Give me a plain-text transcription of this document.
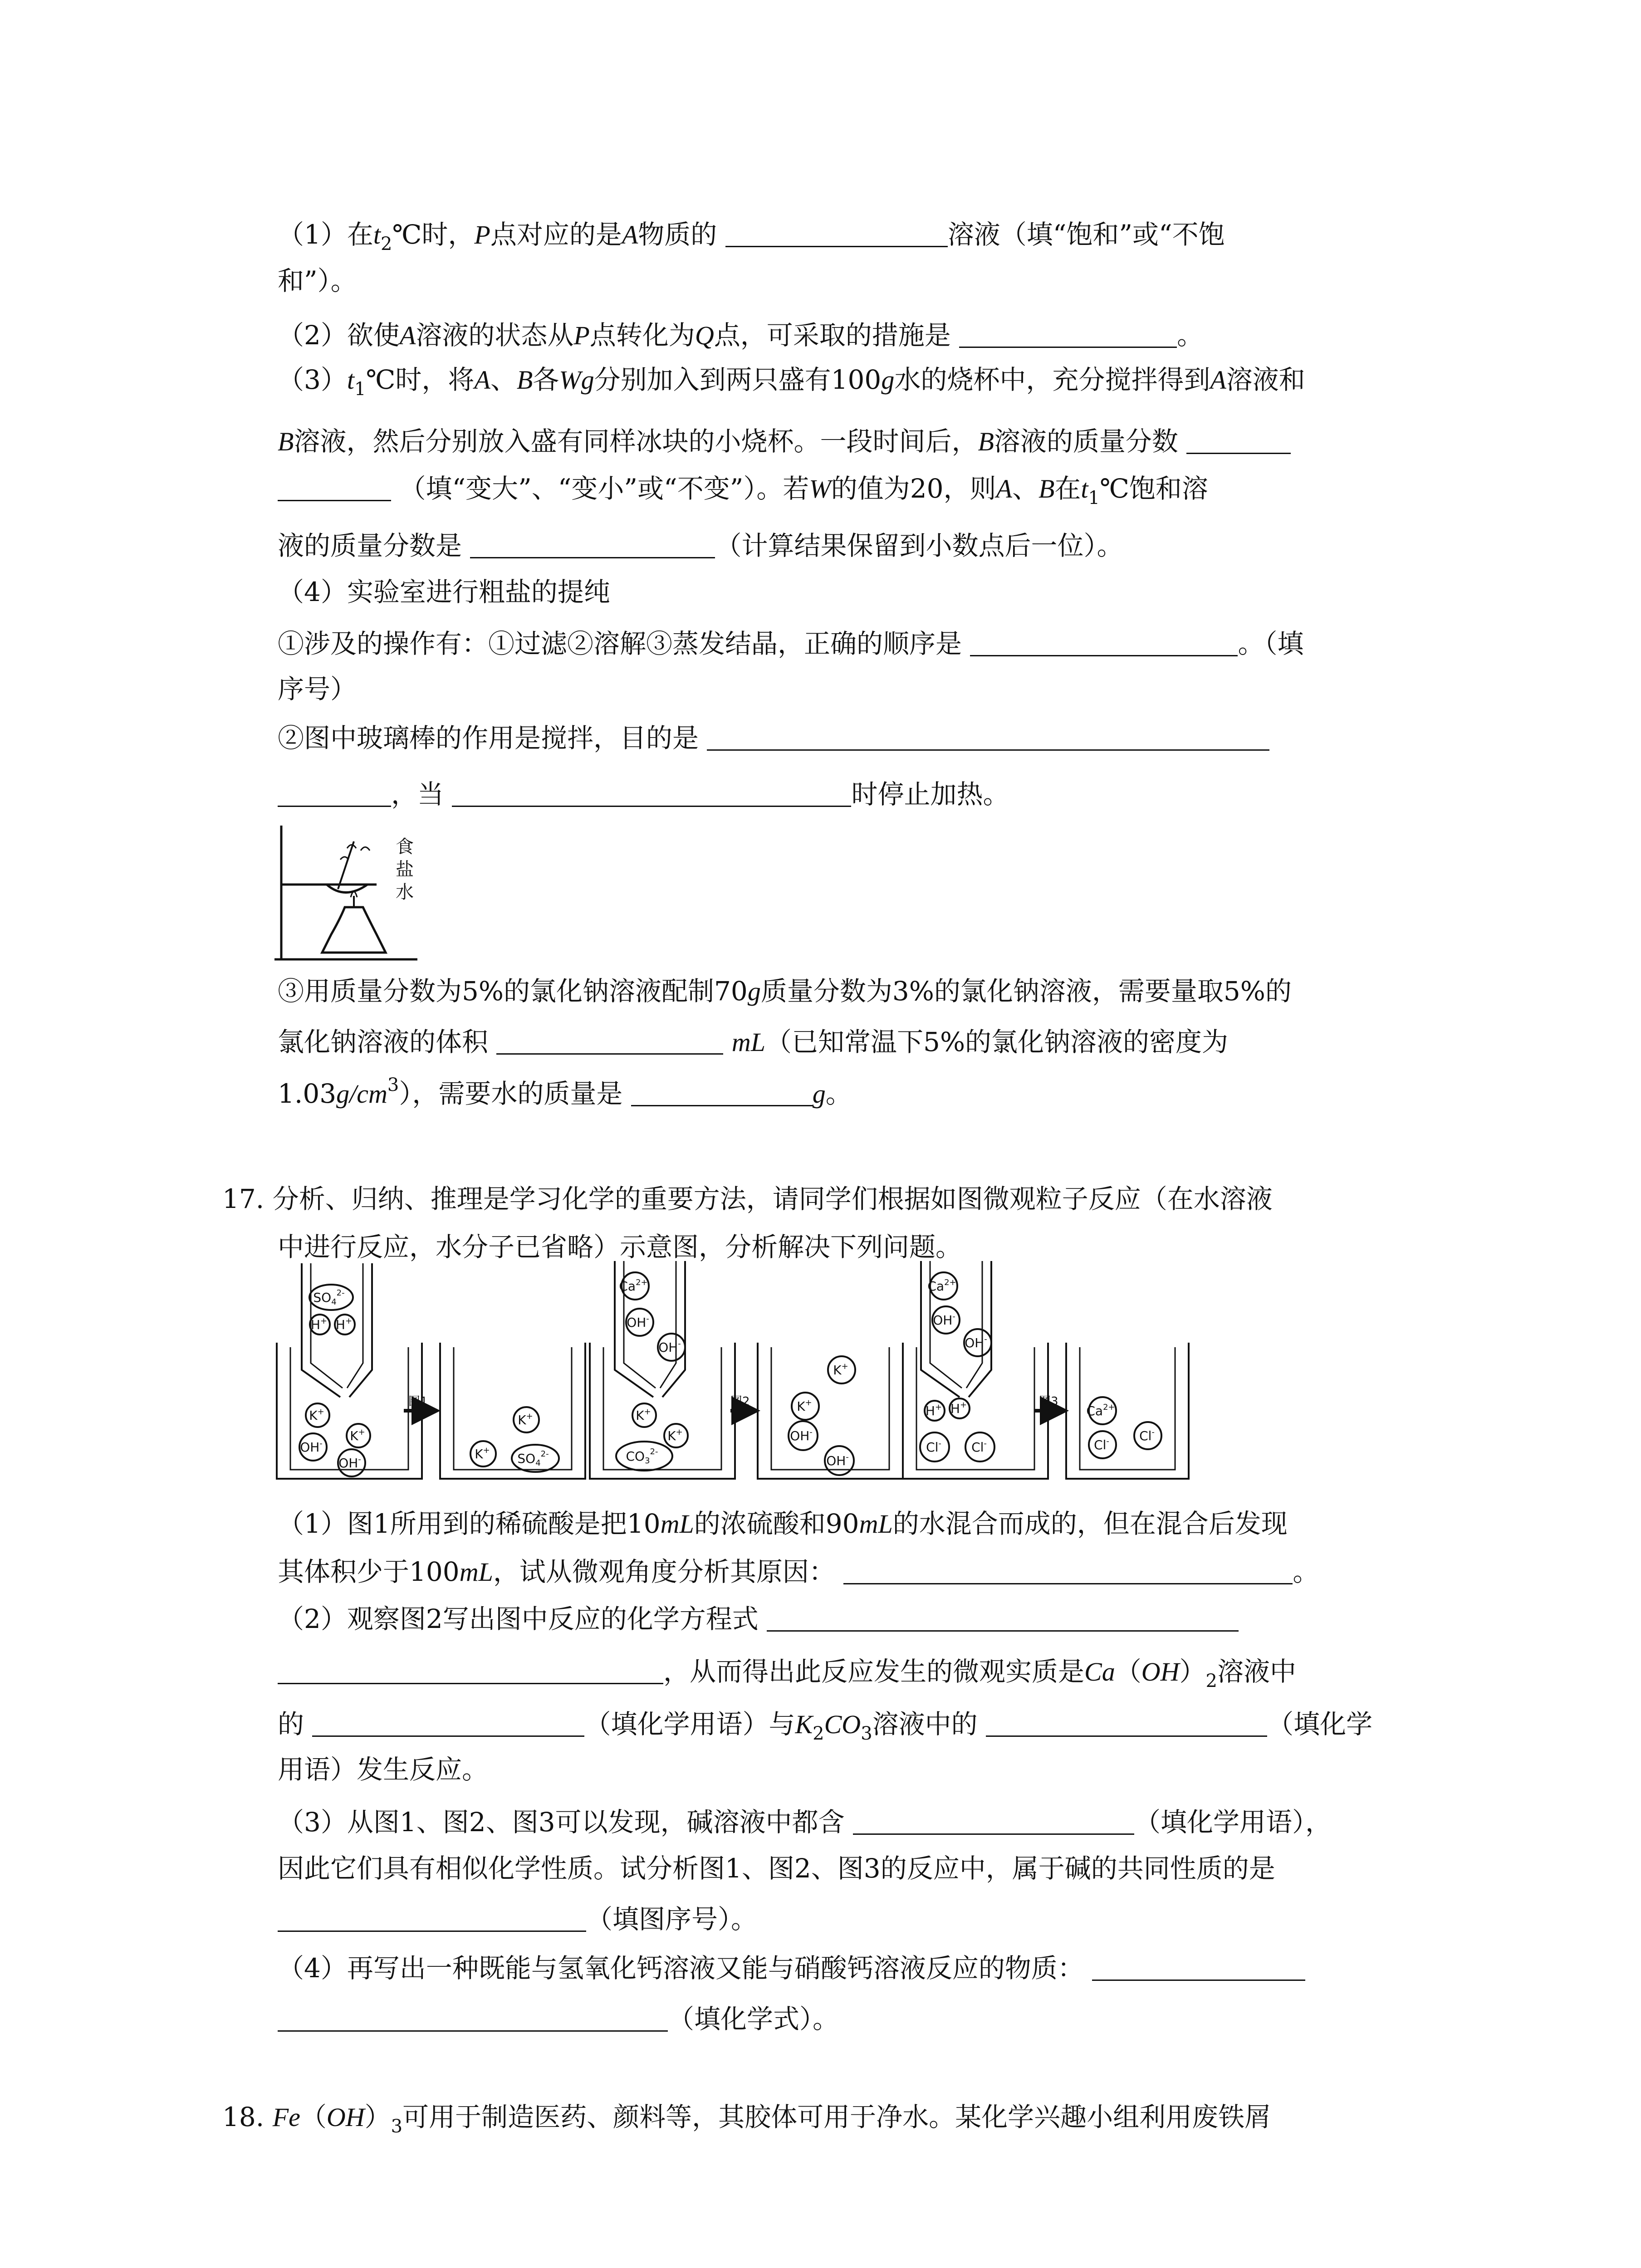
（1）在$t_2℃$时，P点对应的是A物质的	溶液（填“饱和”或“不饱
和”）。
（2）欲使A溶液的状态从P点转化为Q点，可采取的措施是	。
$(3)t_1℃$时，将A、B各Wg分别加入到两只盛有100g水的烧杯中，充分搅拌得到A溶液和
B溶液，然后分别放入盛有同样冰块的小烧杯。一段时间后，B溶液的质量分数
（填“变大”、“变小”或“不变”）。若W的值为20，则A、B在$t_1℃$饱和溶
液的质量分数是	（计算结果保留到小数点后一位）。
（4）实验室进行粗盐的提纯
①涉及的操作有：①过滤②溶解③蒸发结晶，正确的顺序是	。（填
序号）
②图中玻璃棒的作用是搅拌，目的是
，当	时停止加热。
食
盐
水
③用质量分数为5%的氯化钠溶液配制70g质量分数为3%的氯化钠溶液，需要量取5%的
氯化钠溶液的体积	mL（已知常温下5%的氯化钠溶液的密度为
$1.03g/cm^3$），需要水的质量是	g。
17. 分析、归纳、推理是学习化学的重要方法，请同学们根据如图微观粒子反应（在水溶液
中进行反应，水分子已省略）示意图，分析解决下列问题。
图1	图2	图3
$SO_4^{2-}$
H+ H+
K+
K+
OH-
OH-
K+
K+
$SO_4^{2-}$
$Ca^{2+}$
OH-
OH-
K+
K+
$CO_3^{2-}$
K+
K+
OH-
OH-
$Ca^{2+}$
OH-
OH-
H+ H+
Cl- Cl-
$Ca^{2+}$
Cl- Cl-
（1）图1所用到的稀硫酸是把10mL的浓硫酸和90mL的水混合而成的，但在混合后发现
其体积少于100mL，试从微观角度分析其原因：	。
（2）观察图2写出图中反应的化学方程式
，从而得出此反应发生的微观实质是$Ca(OH)_2$溶液中
的	（填化学用语）与$K_2CO_3$溶液中的	（填化学
用语）发生反应。
（3）从图1、图2、图3可以发现，碱溶液中都含	（填化学用语），
因此它们具有相似化学性质。试分析图1、图2、图3的反应中，属于碱的共同性质的是
（填图序号）。
（4）再写出一种既能与氢氧化钙溶液又能与硝酸钙溶液反应的物质：
（填化学式）。
18. $Fe(OH)_3$可用于制造医药、颜料等，其胶体可用于净水。某化学兴趣小组利用废铁屑
